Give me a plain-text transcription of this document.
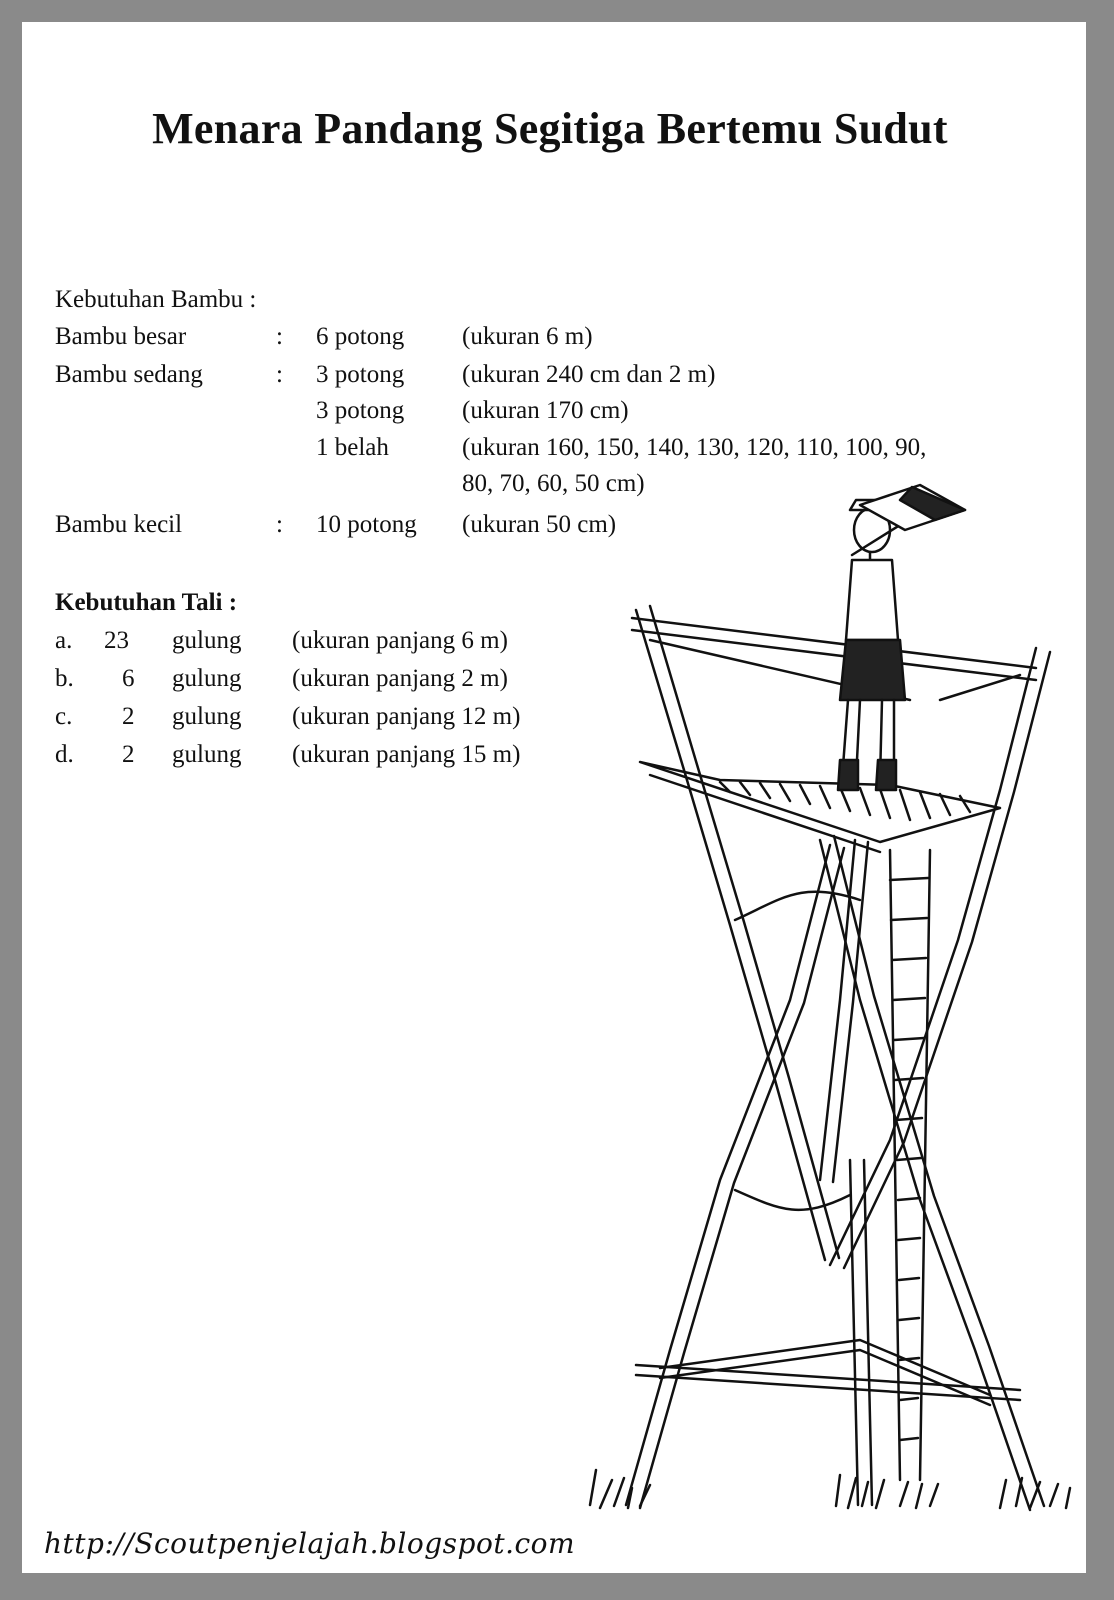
Menara Pandang Segitiga Bertemu Sudut
Kebutuhan Bambu :
Bambu besar	: 6 potong (ukuran 6 m)
Bambu sedang	: 3 potong (ukuran 240 cm dan 2 m)
3 potong (ukuran 170 cm)
1 belah	(ukuran 160, 150, 140, 130, 120, 110, 100, 90,
80, 70, 60, 50 cm)
Bambu kecil	: 10 potong (ukuran 50 cm)
Kebutuhan Tali :
a. 23 gulung (ukuran panjang 6 m)
b. 6 gulung (ukuran panjang 2 m)
c. 2 gulung (ukuran panjang 12 m)
d. 2 gulung (ukuran panjang 15 m)
http://Scoutpenjelajah.blogspot.com
